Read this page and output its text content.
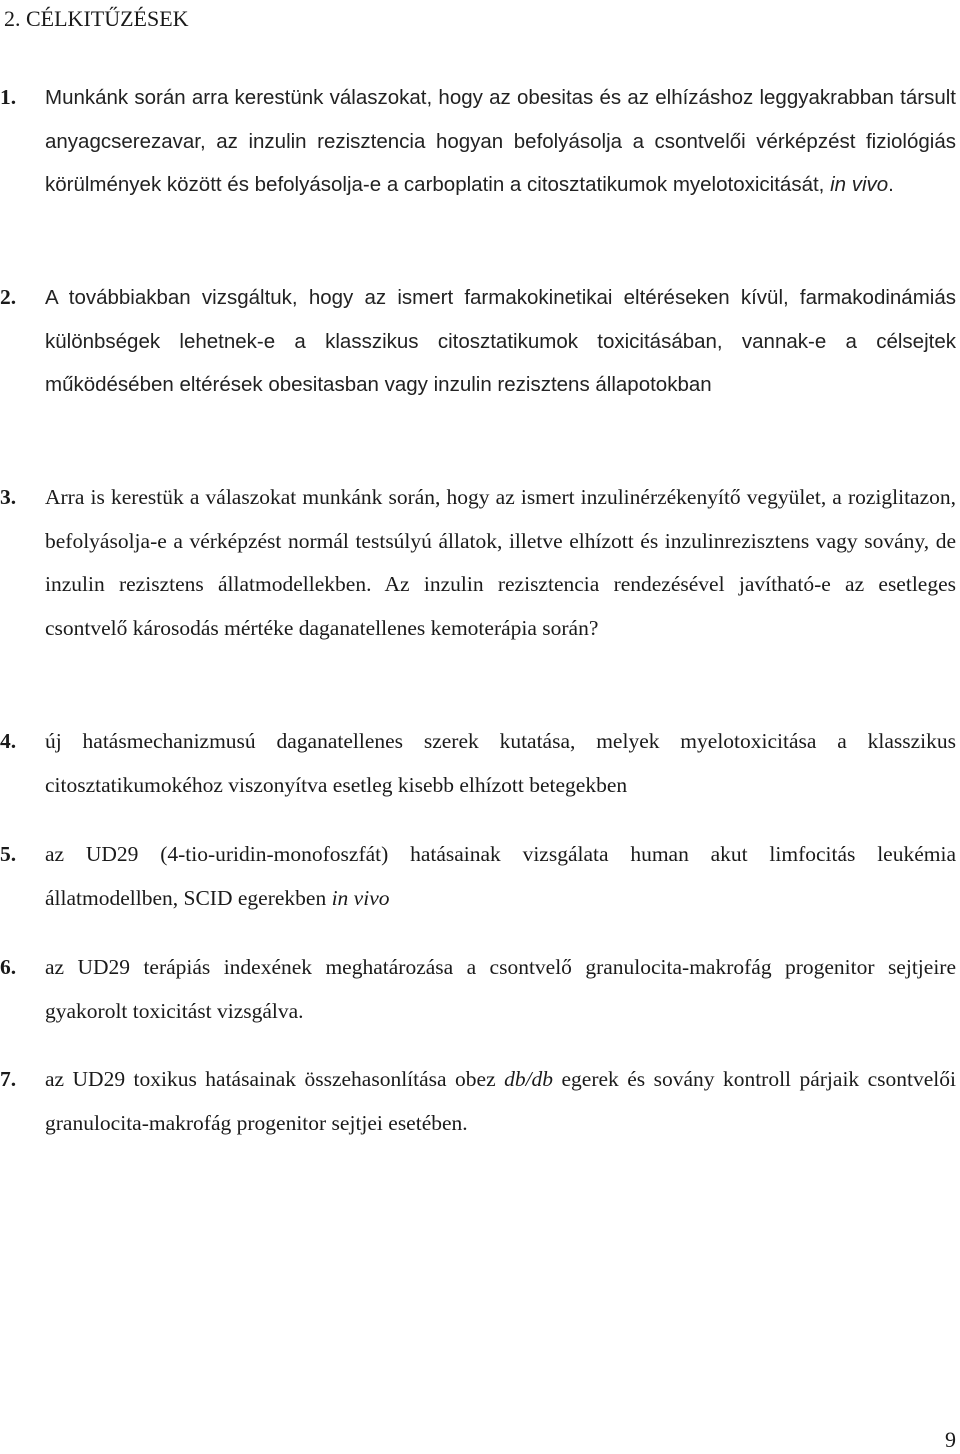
2. CÉLKITŰZÉSEK
1.	Munkánk során arra kerestünk válaszokat, hogy az obesitas és az elhízáshoz leggyakrabban társult anyagcserezavar, az inzulin rezisztencia hogyan befolyásolja a csontvelői vérképzést fiziológiás körülmények között és befolyásolja-e a carboplatin a citosztatikumok myelotoxicitását, in vivo.
2.	A továbbiakban vizsgáltuk, hogy az ismert farmakokinetikai eltéréseken kívül, farmakodinámiás különbségek lehetnek-e a klasszikus citosztatikumok toxicitásában, vannak-e a célsejtek működésében eltérések obesitasban vagy inzulin rezisztens állapotokban
3.	Arra is kerestük a válaszokat munkánk során, hogy az ismert inzulinérzékenyítő vegyület, a roziglitazon, befolyásolja-e a vérképzést normál testsúlyú állatok, illetve elhízott és inzulinrezisztens vagy sovány, de inzulin rezisztens állatmodellekben. Az inzulin rezisztencia rendezésével javítható-e az esetleges csontvelő károsodás mértéke daganatellenes kemoterápia során?
4.	új hatásmechanizmusú daganatellenes szerek kutatása, melyek myelotoxicitása a klasszikus citosztatikumokéhoz viszonyítva esetleg kisebb elhízott betegekben
5.	az UD29 (4-tio-uridin-monofoszfát) hatásainak vizsgálata human akut limfocitás leukémia állatmodellben, SCID egerekben in vivo
6.	az UD29 terápiás indexének meghatározása a csontvelő granulocita-makrofág progenitor sejtjeire gyakorolt toxicitást vizsgálva.
7.	az UD29 toxikus hatásainak összehasonlítása obez db/db egerek és sovány kontroll párjaik csontvelői granulocita-makrofág progenitor sejtjei esetében.
9
